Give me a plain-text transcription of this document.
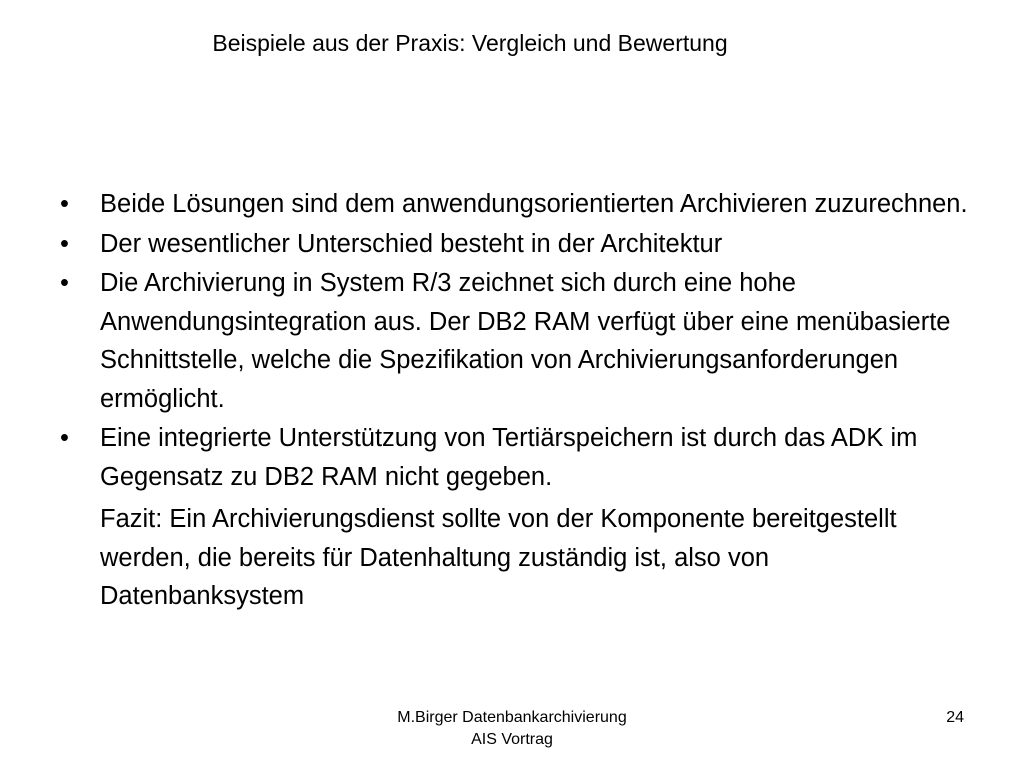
Beispiele aus der Praxis: Vergleich und Bewertung
•	Beide Lösungen sind dem anwendungsorientierten Archivieren zuzurechnen.
•	Der wesentlicher Unterschied besteht in der Architektur
•	Die Archivierung in System R/3 zeichnet sich durch eine hohe Anwendungsintegration aus. Der DB2 RAM verfügt über eine menübasierte Schnittstelle, welche die Spezifikation von Archivierungsanforderungen ermöglicht.
•	Eine integrierte Unterstützung von Tertiärspeichern ist durch das ADK im Gegensatz zu DB2 RAM nicht gegeben.
Fazit: Ein Archivierungsdienst sollte von der Komponente bereitgestellt werden, die bereits für Datenhaltung zuständig ist, also von Datenbanksystem
M.Birger Datenbankarchivierung
AIS Vortrag
24
